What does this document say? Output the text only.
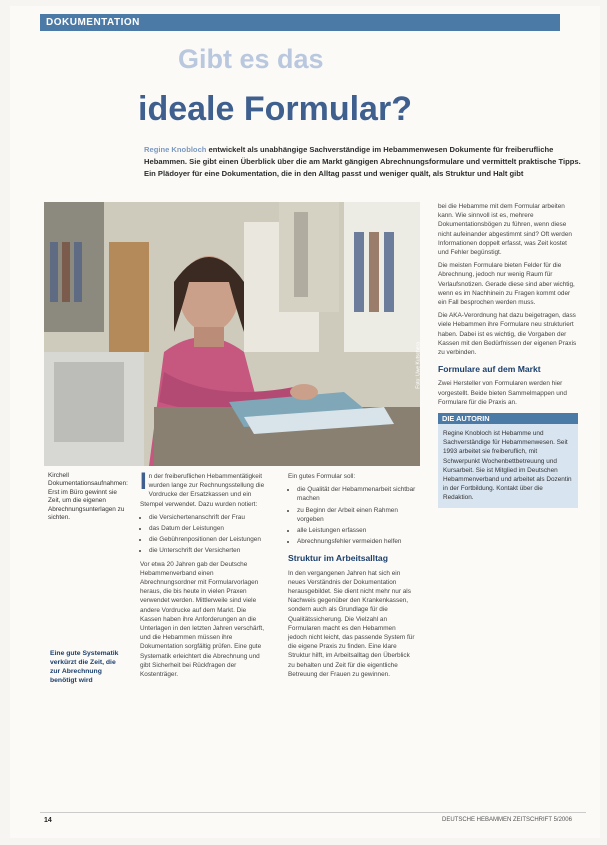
DOKUMENTATION
Gibt es das
ideale Formular?
Regine Knobloch entwickelt als unabhängige Sachverständige im Hebammenwesen Dokumente für freiberufliche Hebammen. Sie gibt einen Überblick über die am Markt gängigen Abrechnungsformulare und vermittelt praktische Tipps. Ein Plädoyer für eine Dokumentation, die in den Alltag passt und weniger quält, als Struktur und Halt gibt
Foto: Uwe Kutschera
Kirchell Dokumentationsaufnahmen: Erst im Büro gewinnt sie Zeit, um die eigenen Abrechnungsunterlagen zu sichten.
Eine gute Systematik verkürzt die Zeit, die zur Abrechnung benötigt wird

In der freiberuflichen Hebammentätigkeit wurden lange zur Rechnungsstellung die Vordrucke der Ersatzkassen und ein Stempel verwendet. Dazu wurden notiert:

• die Versichertenanschrift der Frau
• das Datum der Leistungen
• die Gebührenpositionen der Leistungen
• die Unterschrift der Versicherten

Vor etwa 20 Jahren gab der Deutsche Hebammenverband einen Abrechnungsordner mit Formularvorlagen heraus, die bis heute in vielen Praxen verwendet werden. Mittlerweile sind viele andere Vordrucke auf dem Markt. Die Kassen haben ihre Anforderungen an die Unterlagen in den letzten Jahren verschärft, und die Hebammen müssen ihre Dokumentation sorgfältig prüfen. Eine gute Systematik erleichtert die Abrechnung und gibt Sicherheit bei Rückfragen der Kostenträger.

Ein gutes Formular soll:

• die Qualität der Hebammenarbeit sichtbar machen
• zu Beginn der Arbeit einen Rahmen vorgeben
• alle Leistungen erfassen
• Abrechnungsfehler vermeiden helfen
Struktur im Arbeitsalltag

In den vergangenen Jahren hat sich ein neues Verständnis der Dokumentation herausgebildet. Sie dient nicht mehr nur als Nachweis gegenüber den Krankenkassen, sondern auch als Grundlage für die Qualitätssicherung. Die Vielzahl an Formularen macht es den Hebammen jedoch nicht leicht, das passende System für die eigene Praxis zu finden. Eine klare Struktur hilft, im Arbeitsalltag den Überblick zu behalten und Zeit für die eigentliche Betreuung der Frauen zu gewinnen.

bei die Hebamme mit dem Formular arbeiten kann. Wie sinnvoll ist es, mehrere Dokumentationsbögen zu führen, wenn diese nicht aufeinander abgestimmt sind? Oft werden Informationen doppelt erfasst, was Zeit kostet und Fehler begünstigt.

Die meisten Formulare bieten Felder für die Abrechnung, jedoch nur wenig Raum für Verlaufsnotizen. Gerade diese sind aber wichtig, wenn es im Nachhinein zu Fragen kommt oder ein Fall besprochen werden muss.

Die AKA-Verordnung hat dazu beigetragen, dass viele Hebammen ihre Formulare neu strukturiert haben. Dabei ist es wichtig, die Vorgaben der Kassen mit den Bedürfnissen der eigenen Praxis zu verbinden.

Formulare auf dem Markt

Zwei Hersteller von Formularen werden hier vorgestellt. Beide bieten Sammelmappen und Formulare für die Praxis an.

DIE AUTORIN
Regine Knobloch ist Hebamme und Sachverständige für Hebammenwesen. Seit 1993 arbeitet sie freiberuflich, mit Schwerpunkt Wochenbettbetreuung und Kursarbeit. Sie ist Mitglied im Deutschen Hebammenverband und arbeitet als Dozentin in der Fortbildung. Kontakt über die Redaktion.
14	DEUTSCHE HEBAMMEN ZEITSCHRIFT 5/2006
